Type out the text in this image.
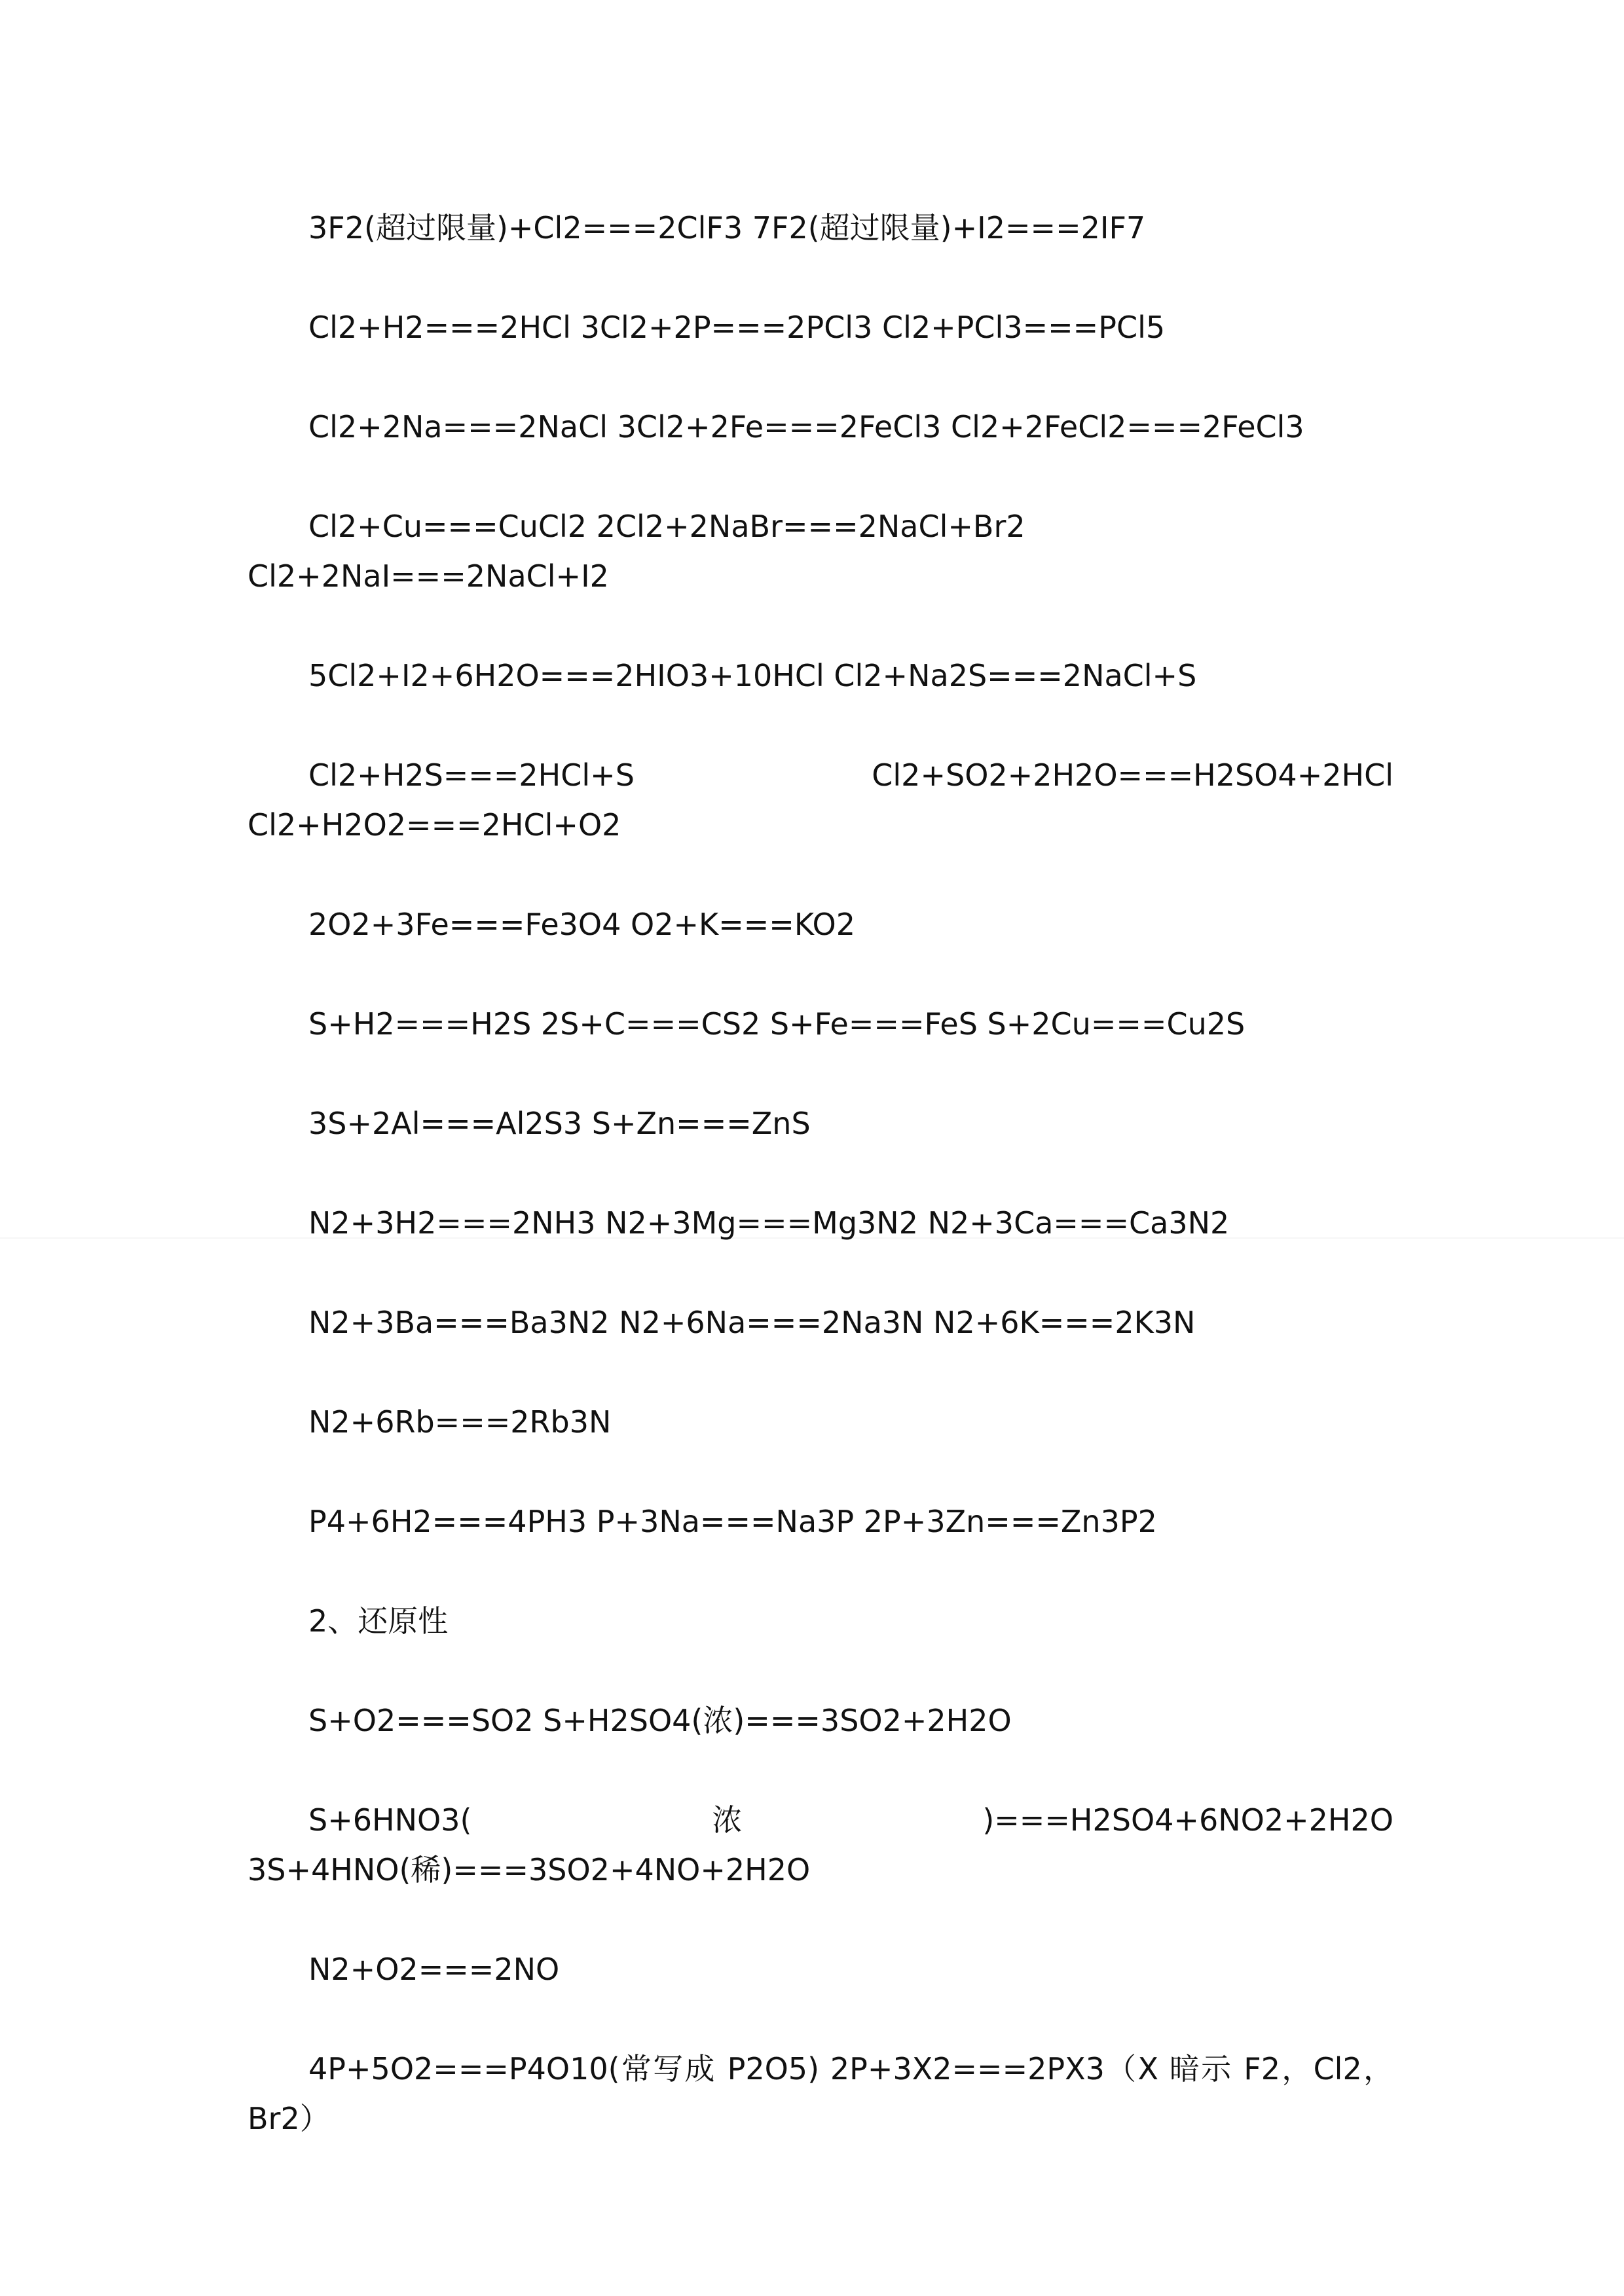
3F2(超过限量)+Cl2===2ClF3 7F2(超过限量)+I2===2IF7

Cl2+H2===2HCl 3Cl2+2P===2PCl3 Cl2+PCl3===PCl5

Cl2+2Na===2NaCl 3Cl2+2Fe===2FeCl3 Cl2+2FeCl2===2FeCl3

Cl2+Cu===CuCl2 2Cl2+2NaBr===2NaCl+Br2 Cl2+2NaI===2NaCl+I2

5Cl2+I2+6H2O===2HIO3+10HCl Cl2+Na2S===2NaCl+S

Cl2+H2S===2HCl+S Cl2+SO2+2H2O===H2SO4+2HCl Cl2+H2O2===2HCl+O2

2O2+3Fe===Fe3O4 O2+K===KO2

S+H2===H2S 2S+C===CS2 S+Fe===FeS S+2Cu===Cu2S

3S+2Al===Al2S3 S+Zn===ZnS

N2+3H2===2NH3 N2+3Mg===Mg3N2 N2+3Ca===Ca3N2

N2+3Ba===Ba3N2 N2+6Na===2Na3N N2+6K===2K3N

N2+6Rb===2Rb3N

P4+6H2===4PH3 P+3Na===Na3P 2P+3Zn===Zn3P2

2、还原性

S+O2===SO2 S+H2SO4(浓)===3SO2+2H2O

S+6HNO3(浓)===H2SO4+6NO2+2H2O 3S+4HNO(稀)===3SO2+4NO+2H2O

N2+O2===2NO

4P+5O2===P4O10(常写成 P2O5) 2P+3X2===2PX3（X 暗示 F2，Cl2，Br2）
